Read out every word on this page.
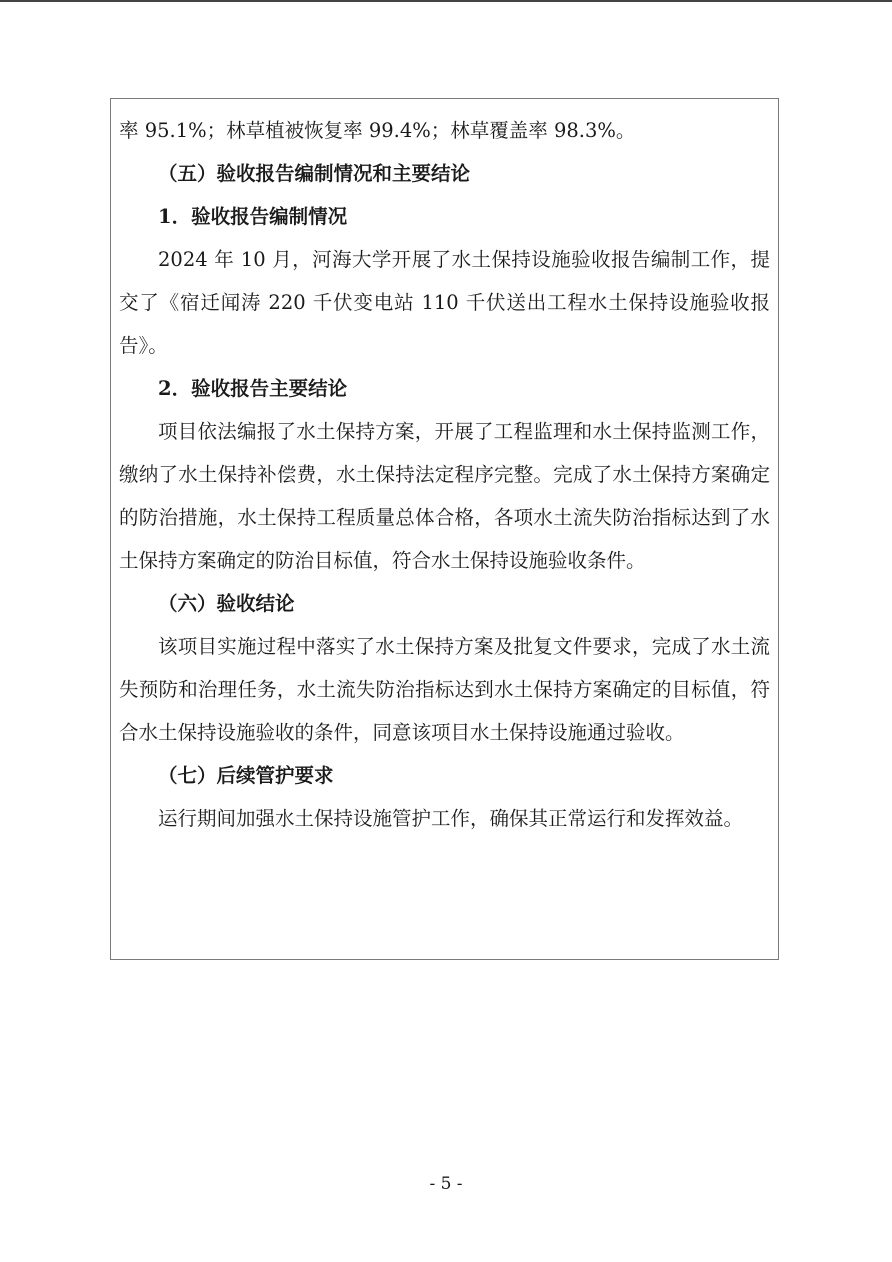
率 95.1%；林草植被恢复率 99.4%；林草覆盖率 98.3%。

（五）验收报告编制情况和主要结论

1．验收报告编制情况

2024 年 10 月，河海大学开展了水土保持设施验收报告编制工作，提交了《宿迁闻涛 220 千伏变电站 110 千伏送出工程水土保持设施验收报告》。

2．验收报告主要结论

项目依法编报了水土保持方案，开展了工程监理和水土保持监测工作，缴纳了水土保持补偿费，水土保持法定程序完整。完成了水土保持方案确定的防治措施，水土保持工程质量总体合格，各项水土流失防治指标达到了水土保持方案确定的防治目标值，符合水土保持设施验收条件。

（六）验收结论

该项目实施过程中落实了水土保持方案及批复文件要求，完成了水土流失预防和治理任务，水土流失防治指标达到水土保持方案确定的目标值，符合水土保持设施验收的条件，同意该项目水土保持设施通过验收。

（七）后续管护要求

运行期间加强水土保持设施管护工作，确保其正常运行和发挥效益。

- 5 -
